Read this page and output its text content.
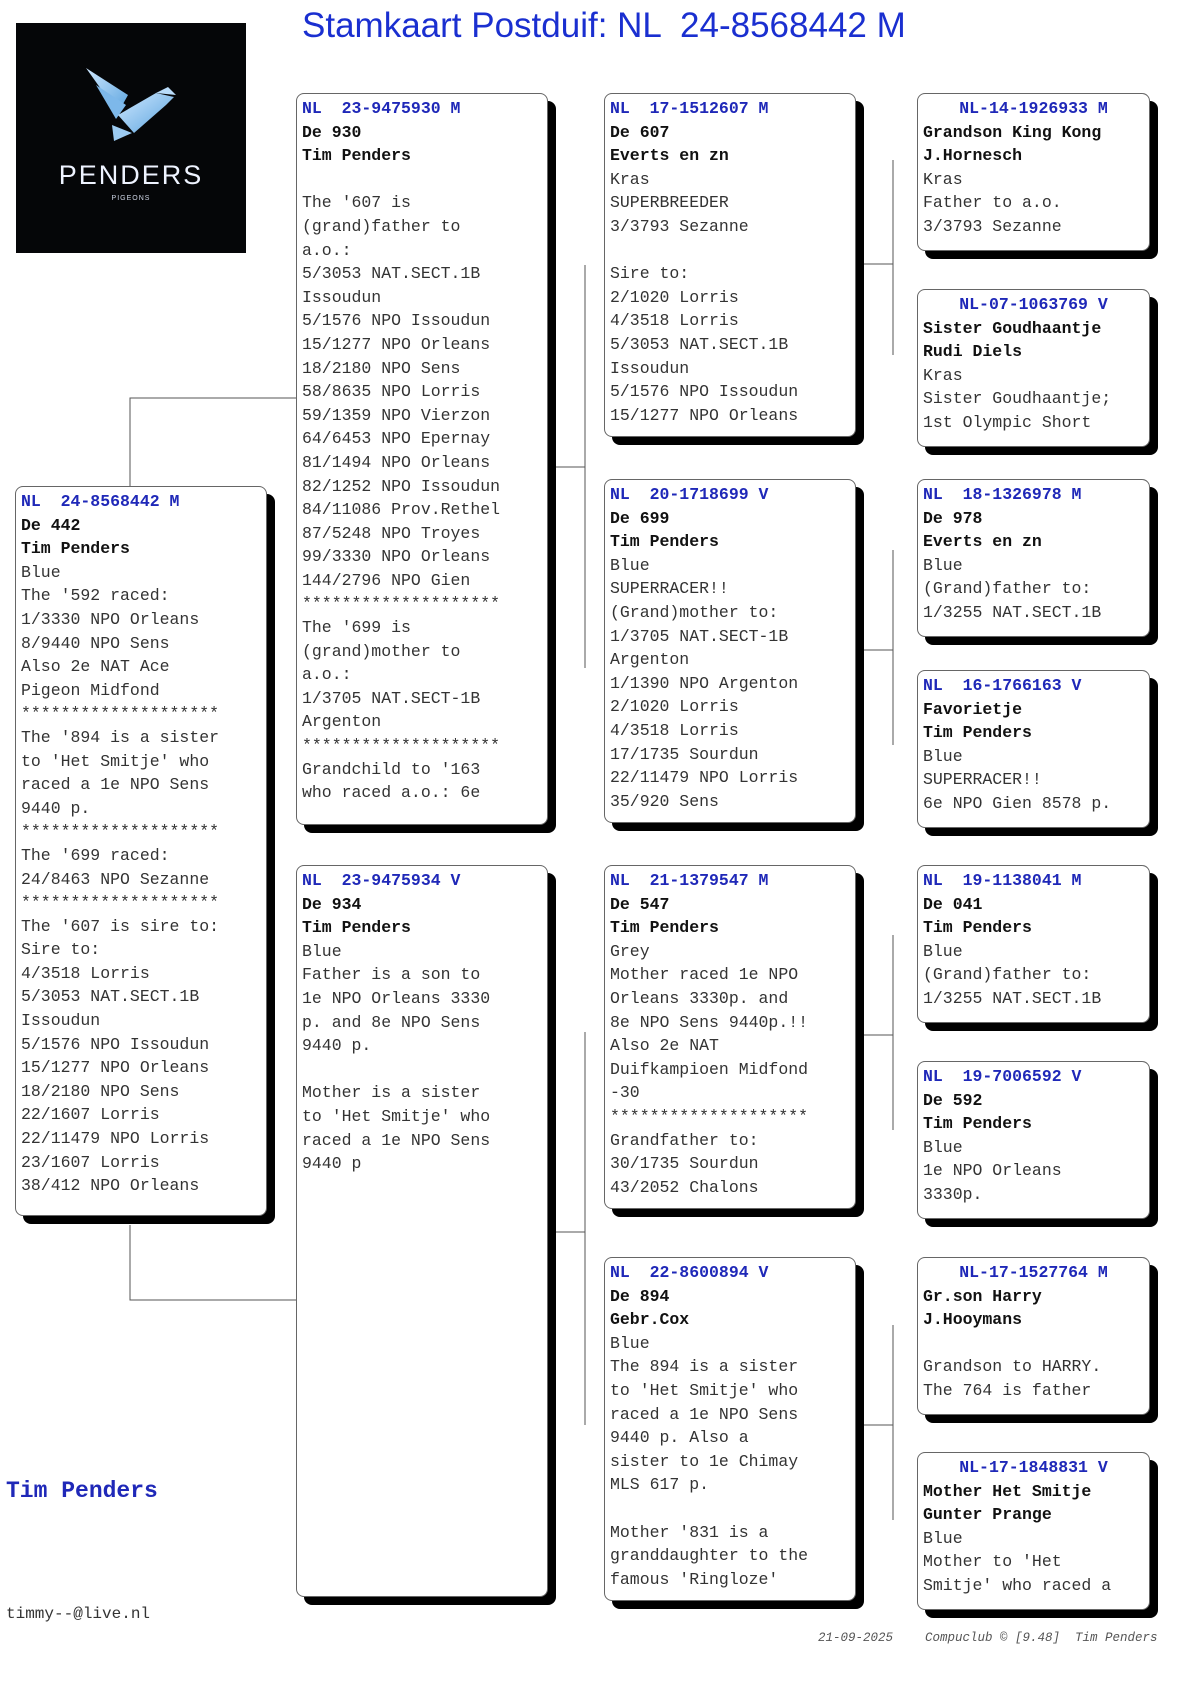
Stamkaart Postduif: NL  24-8568442 M
PENDERS
PIGEONS
NL  24-8568442 M
De 442
Tim Penders
Blue
The '592 raced:
1/3330 NPO Orleans
8/9440 NPO Sens
Also 2e NAT Ace
Pigeon Midfond
********************
The '894 is a sister
to 'Het Smitje' who
raced a 1e NPO Sens
9440 p.
********************
The '699 raced:
24/8463 NPO Sezanne
********************
The '607 is sire to:
Sire to:
4/3518 Lorris
5/3053 NAT.SECT.1B
Issoudun
5/1576 NPO Issoudun
15/1277 NPO Orleans
18/2180 NPO Sens
22/1607 Lorris
22/11479 NPO Lorris
23/1607 Lorris
38/412 NPO Orleans
NL  23-9475930 M
De 930
Tim Penders
The '607 is
(grand)father to
a.o.:
5/3053 NAT.SECT.1B
Issoudun
5/1576 NPO Issoudun
15/1277 NPO Orleans
18/2180 NPO Sens
58/8635 NPO Lorris
59/1359 NPO Vierzon
64/6453 NPO Epernay
81/1494 NPO Orleans
82/1252 NPO Issoudun
84/11086 Prov.Rethel
87/5248 NPO Troyes
99/3330 NPO Orleans
144/2796 NPO Gien
********************
The '699 is
(grand)mother to
a.o.:
1/3705 NAT.SECT-1B
Argenton
********************
Grandchild to '163
who raced a.o.: 6e
NL  23-9475934 V
De 934
Tim Penders
Blue
Father is a son to
1e NPO Orleans 3330
p. and 8e NPO Sens
9440 p.
Mother is a sister
to 'Het Smitje' who
raced a 1e NPO Sens
9440 p
NL  17-1512607 M
De 607
Everts en zn
Kras
SUPERBREEDER
3/3793 Sezanne
Sire to:
2/1020 Lorris
4/3518 Lorris
5/3053 NAT.SECT.1B
Issoudun
5/1576 NPO Issoudun
15/1277 NPO Orleans
NL  20-1718699 V
De 699
Tim Penders
Blue
SUPERRACER!!
(Grand)mother to:
1/3705 NAT.SECT-1B
Argenton
1/1390 NPO Argenton
2/1020 Lorris
4/3518 Lorris
17/1735 Sourdun
22/11479 NPO Lorris
35/920 Sens
NL  21-1379547 M
De 547
Tim Penders
Grey
Mother raced 1e NPO
Orleans 3330p. and
8e NPO Sens 9440p.!!
Also 2e NAT
Duifkampioen Midfond
-30
********************
Grandfather to:
30/1735 Sourdun
43/2052 Chalons
NL  22-8600894 V
De 894
Gebr.Cox
Blue
The 894 is a sister
to 'Het Smitje' who
raced a 1e NPO Sens
9440 p. Also a
sister to 1e Chimay
MLS 617 p.
Mother '831 is a
granddaughter to the
famous 'Ringloze'
NL-14-1926933 M
Grandson King Kong
J.Hornesch
Kras
Father to a.o.
3/3793 Sezanne
NL-07-1063769 V
Sister Goudhaantje
Rudi Diels
Kras
Sister Goudhaantje;
1st Olympic Short
NL  18-1326978 M
De 978
Everts en zn
Blue
(Grand)father to:
1/3255 NAT.SECT.1B
NL  16-1766163 V
Favorietje
Tim Penders
Blue
SUPERRACER!!
6e NPO Gien 8578 p.
NL  19-1138041 M
De 041
Tim Penders
Blue
(Grand)father to:
1/3255 NAT.SECT.1B
NL  19-7006592 V
De 592
Tim Penders
Blue
1e NPO Orleans
3330p.
NL-17-1527764 M
Gr.son Harry
J.Hooymans
Grandson to HARRY.
The 764 is father
NL-17-1848831 V
Mother Het Smitje
Gunter Prange
Blue
Mother to 'Het
Smitje' who raced a
Tim Penders
timmy--@live.nl
21-09-2025	Compuclub © [9.48]  Tim Penders
